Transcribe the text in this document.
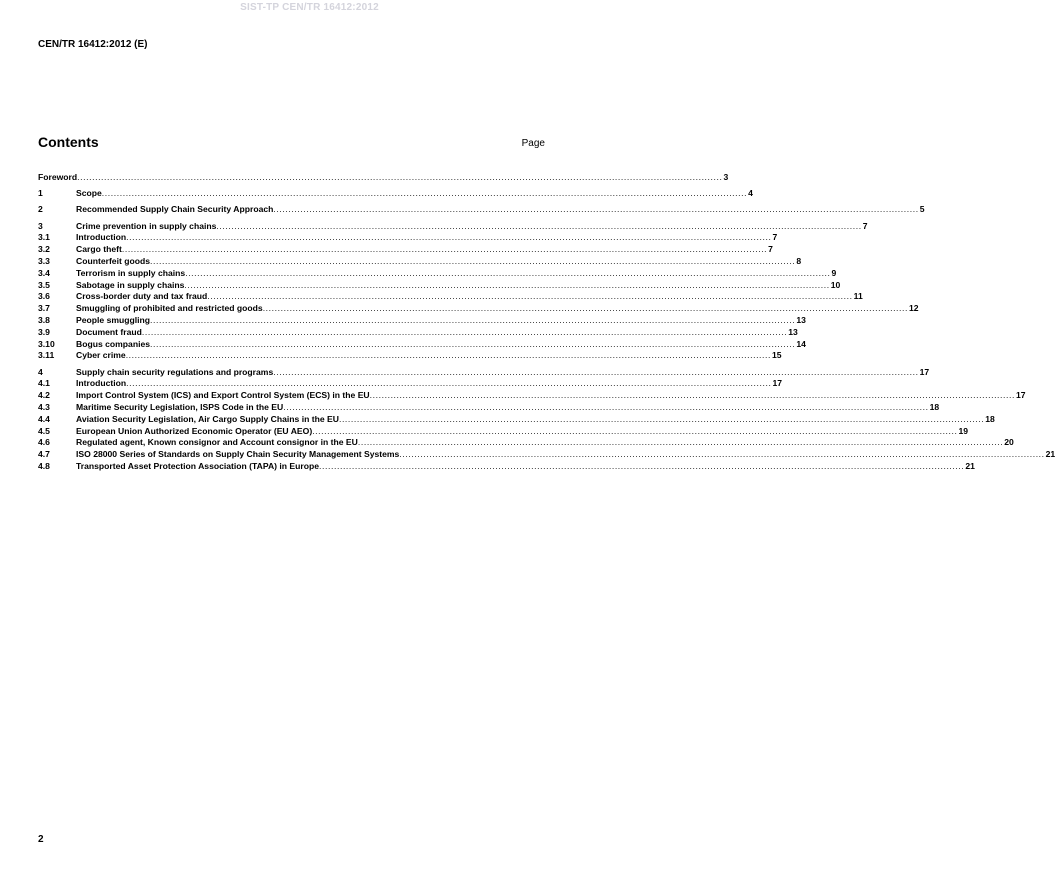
SIST-TP CEN/TR 16412:2012
CEN/TR 16412:2012 (E)
Contents	Page
Foreword .....	3
1	Scope .....	4
2	Recommended Supply Chain Security Approach .....	5
3	Crime prevention in supply chains .....	7
3.1	Introduction .....	7
3.2	Cargo theft .....	7
3.3	Counterfeit goods .....	8
3.4	Terrorism in supply chains .....	9
3.5	Sabotage in supply chains .....	10
3.6	Cross-border duty and tax fraud .....	11
3.7	Smuggling of prohibited and restricted goods .....	12
3.8	People smuggling .....	13
3.9	Document fraud .....	13
3.10	Bogus companies .....	14
3.11	Cyber crime .....	15
4	Supply chain security regulations and programs .....	17
4.1	Introduction .....	17
4.2	Import Control System (ICS) and Export Control System (ECS) in the EU .....	17
4.3	Maritime Security Legislation, ISPS Code in the EU .....	18
4.4	Aviation Security Legislation, Air Cargo Supply Chains in the EU .....	18
4.5	European Union Authorized Economic Operator (EU AEO) .....	19
4.6	Regulated agent, Known consignor and Account consignor in the EU .....	20
4.7	ISO 28000 Series of Standards on Supply Chain Security Management Systems .....	21
4.8	Transported Asset Protection Association (TAPA) in Europe .....	21
2
